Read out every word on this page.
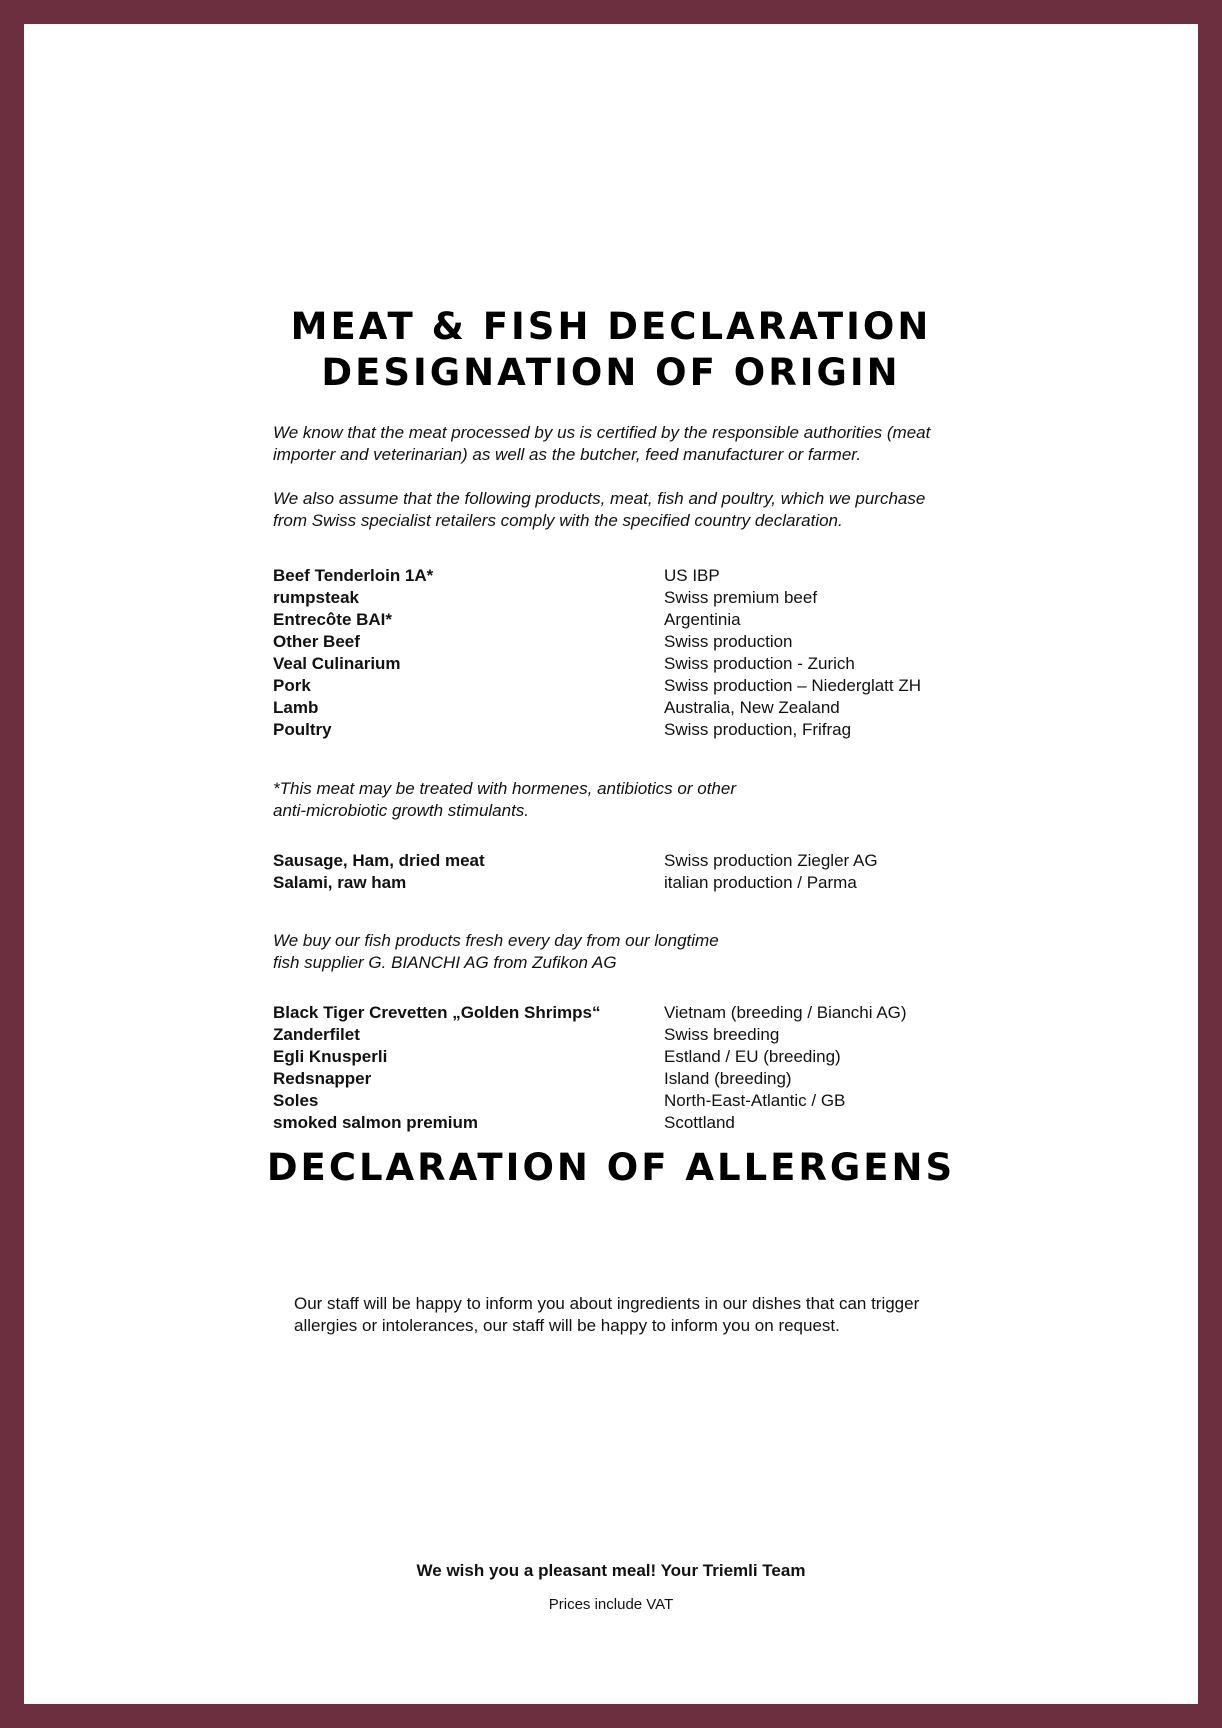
MEAT & FISH DECLARATION
DESIGNATION OF ORIGIN
We know that the meat processed by us is certified by the responsible authorities (meat
importer and veterinarian) as well as the butcher, feed manufacturer or farmer.
We also assume that the following products, meat, fish and poultry, which we purchase
from Swiss specialist retailers comply with the specified country declaration.
Beef Tenderloin 1A*	US IBP
rumpsteak	Swiss premium beef
Entrecôte BAI*	Argentinia
Other Beef	Swiss production
Veal Culinarium	Swiss production - Zurich
Pork	Swiss production – Niederglatt ZH
Lamb	Australia, New Zealand
Poultry	Swiss production, Frifrag
*This meat may be treated with hormenes, antibiotics or other
anti-microbiotic growth stimulants.
Sausage, Ham, dried meat	Swiss production Ziegler AG
Salami, raw ham	italian production / Parma
We buy our fish products fresh every day from our longtime
fish supplier G. BIANCHI AG from Zufikon AG
Black Tiger Crevetten „Golden Shrimps“	Vietnam (breeding / Bianchi AG)
Zanderfilet	Swiss breeding
Egli Knusperli	Estland / EU (breeding)
Redsnapper	Island (breeding)
Soles	North-East-Atlantic / GB
smoked salmon premium	Scottland
DECLARATION OF ALLERGENS
Our staff will be happy to inform you about ingredients in our dishes that can trigger
allergies or intolerances, our staff will be happy to inform you on request.
We wish you a pleasant meal! Your Triemli Team
Prices include VAT
